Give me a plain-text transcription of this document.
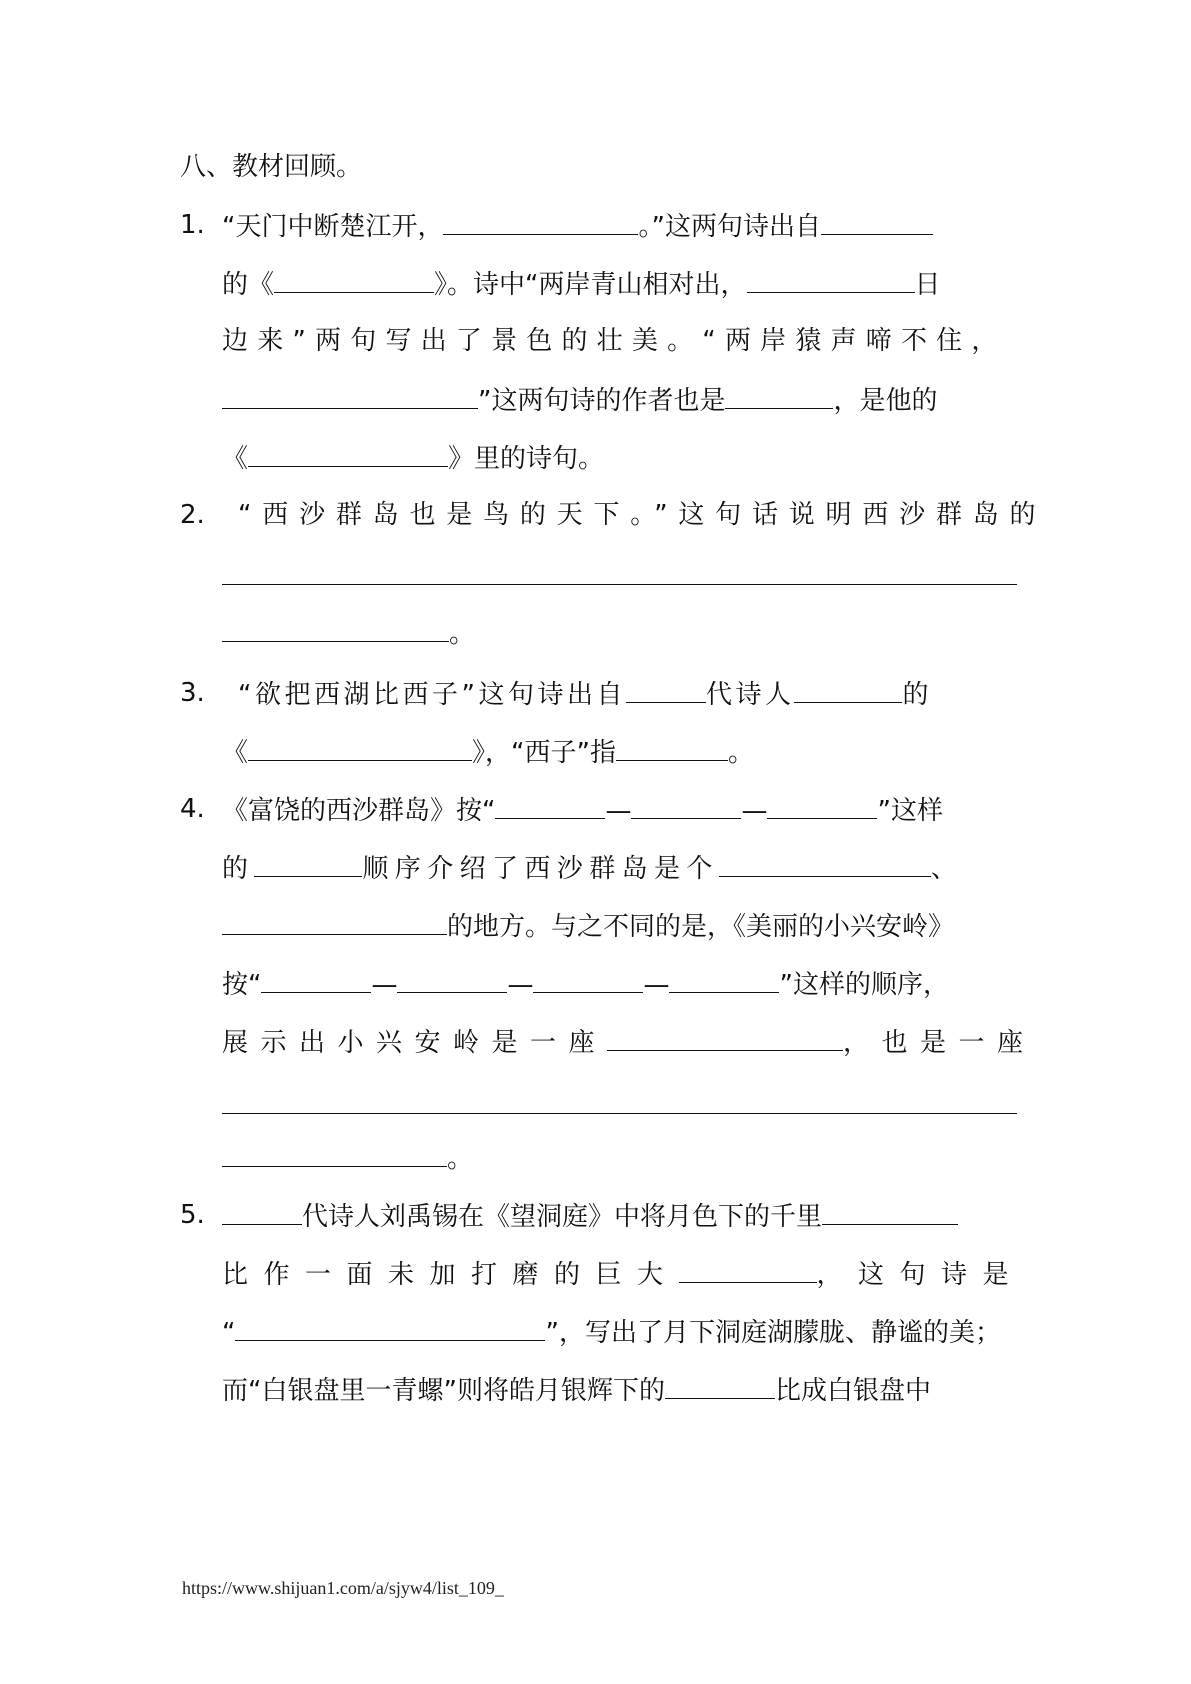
八、教材回顾。
1. “天门中断楚江开，	。”这两句诗出自
的《	》。诗中“两岸青山相对出，	日
边来”两句写出了景色的壮美。“两岸猿声啼不住，
”这两句诗的作者也是	，是他的
《	》里的诗句。
2. “西沙群岛也是鸟的天下。”这句话说明西沙群岛的
。
3. “欲把西湖比西子”这句诗出自	代诗人	的
《	》，“西子”指	。
4. 《富饶的西沙群岛》按“	—	—	”这样
的	顺序介绍了西沙群岛是个	、
的地方。与之不同的是，《美丽的小兴安岭》
按“	—	—	—	”这样的顺序，
展示出小兴安岭是一座	，也是一座
。
5.	代诗人刘禹锡在《望洞庭》中将月色下的千里
比作一面未加打磨的巨大	，这句诗是
“	”，写出了月下洞庭湖朦胧、静谧的美；
而“白银盘里一青螺”则将皓月银辉下的	比成白银盘中
https://www.shijuan1.com/a/sjyw4/list_109_
